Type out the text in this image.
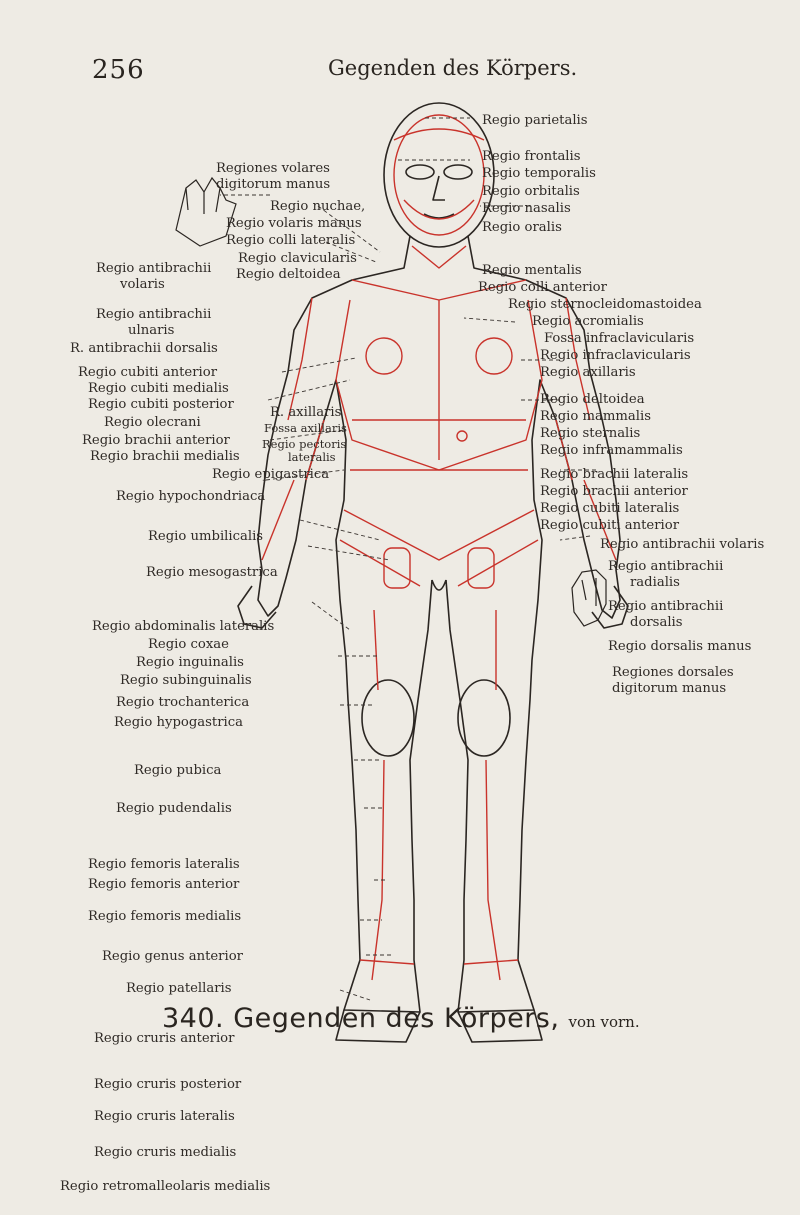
256	Gegenden des Körpers.
Regio parietalis
Regio frontalis
Regio temporalis
Regio orbitalis
Regio nasalis
Regio oralis
Regio mentalis
Regio colli anterior
Regio sternocleidomastoidea
Regio acromialis
Fossa infraclavicularis
Regio infraclavicularis
Regio axillaris
Regio deltoidea
Regio mammalis
Regio sternalis
Regio inframammalis
Regio brachii lateralis
Regio brachii anterior
Regio cubiti lateralis
Regio cubiti anterior
Regio antibrachii volaris
Regio antibrachii
radialis
Regio antibrachii
dorsalis
Regio dorsalis manus
Regiones dorsales
digitorum manus
Regiones volares
digitorum manus
Regio nuchae,
Regio volaris manus
Regio colli lateralis
Regio clavicularis
Regio deltoidea
Regio antibrachii
volaris
Regio antibrachii
ulnaris
R. antibrachii dorsalis
Regio cubiti anterior
Regio cubiti medialis
Regio cubiti posterior
R. axillaris
Regio olecrani	Fossa axillaris
Regio brachii anterior	Regio pectoris
lateralis
Regio brachii medialis
Regio epigastrica
Regio hypochondriaca
Regio umbilicalis
Regio mesogastrica
Regio abdominalis lateralis
Regio coxae
Regio inguinalis
Regio subinguinalis
Regio trochanterica
Regio hypogastrica
Regio pubica
Regio pudendalis
Regio femoris lateralis
Regio femoris anterior
Regio femoris medialis
Regio genus anterior
Regio patellaris
Regio cruris anterior
Regio cruris posterior
Regio cruris lateralis
Regio cruris medialis
Regio retromalleolaris medialis
340. Gegenden des Körpers, von vorn.
